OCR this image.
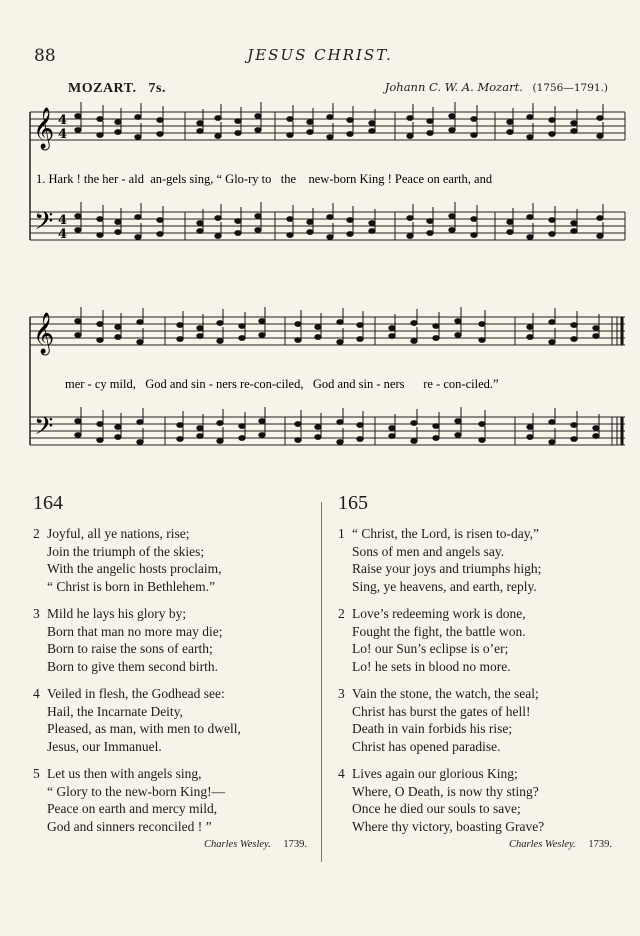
88	JESUS CHRIST.
MOZART. 7s.	Johann C. W. A. Mozart. (1756—1791.)
𝄞
𝄢
4
4
4
4
1. Hark ! the her - ald  an-gels sing, “ Glo-ry to   the    new-born King ! Peace on earth, and
𝄞
𝄢
mer - cy mild,   God and sin - ners re-con-ciled,   God and sin - ners      re - con-ciled.”
164
2 Joyful, all ye nations, rise;
Join the triumph of the skies;
With the angelic hosts proclaim,
“ Christ is born in Bethlehem.”
3 Mild he lays his glory by;
Born that man no more may die;
Born to raise the sons of earth;
Born to give them second birth.
4 Veiled in flesh, the Godhead see:
Hail, the Incarnate Deity,
Pleased, as man, with men to dwell,
Jesus, our Immanuel.
5 Let us then with angels sing,
“ Glory to the new-born King!—
Peace on earth and mercy mild,
God and sinners reconciled ! ”
Charles Wesley. 1739.
165
1 “ Christ, the Lord, is risen to-day,”
Sons of men and angels say.
Raise your joys and triumphs high;
Sing, ye heavens, and earth, reply.
2 Love’s redeeming work is done,
Fought the fight, the battle won.
Lo! our Sun’s eclipse is o’er;
Lo! he sets in blood no more.
3 Vain the stone, the watch, the seal;
Christ has burst the gates of hell!
Death in vain forbids his rise;
Christ has opened paradise.
4 Lives again our glorious King;
Where, O Death, is now thy sting?
Once he died our souls to save;
Where thy victory, boasting Grave?
Charles Wesley. 1739.
